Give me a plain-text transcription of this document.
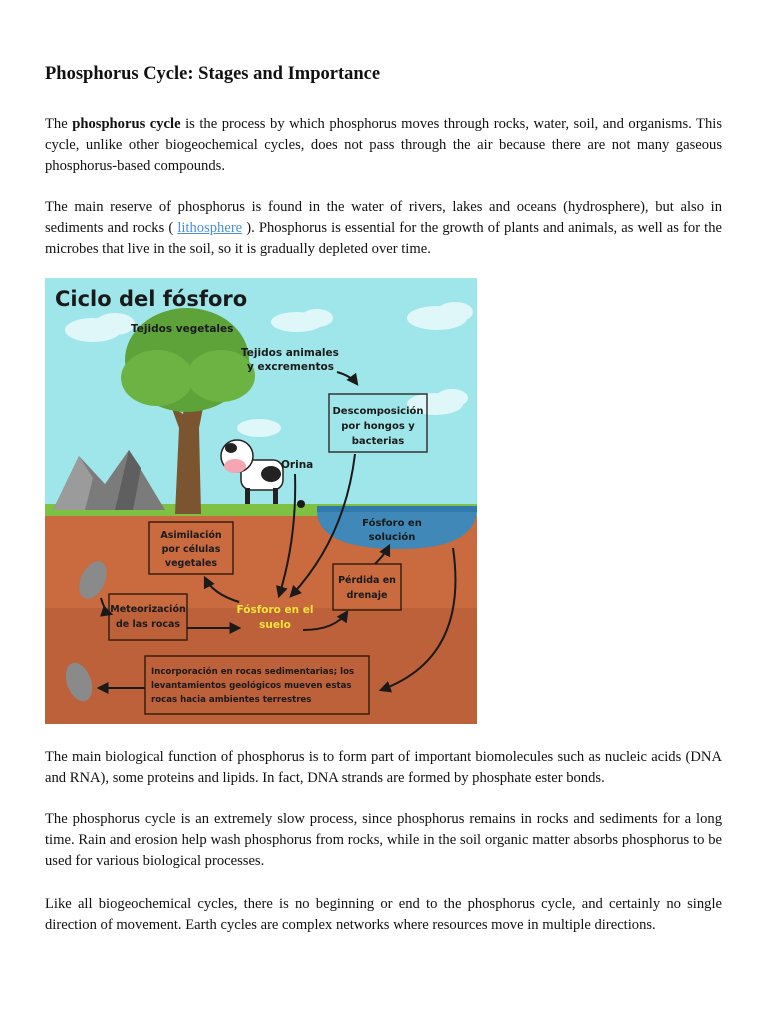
Phosphorus Cycle: Stages and Importance

The phosphorus cycle is the process by which phosphorus moves through rocks, water, soil, and organisms. This cycle, unlike other biogeochemical cycles, does not pass through the air because there are not many gaseous phosphorus-based compounds.

The main reserve of phosphorus is found in the water of rivers, lakes and oceans (hydrosphere), but also in sediments and rocks ( lithosphere ). Phosphorus is essential for the growth of plants and animals, as well as for the microbes that live in the soil, so it is gradually depleted over time.

Ciclo del fósforo
Tejidos vegetales
Tejidos animales
y excrementos
Descomposición
por hongos y
bacterias
Orina
Fósforo en
solución
Asimilación
por células
vegetales
Pérdida en
drenaje
Meteorización
de las rocas
Fósforo en el
suelo
Incorporación en rocas sedimentarias; los
levantamientos geológicos mueven estas
rocas hacia ambientes terrestres

The main biological function of phosphorus is to form part of important biomolecules such as nucleic acids (DNA and RNA), some proteins and lipids. In fact, DNA strands are formed by phosphate ester bonds.

The phosphorus cycle is an extremely slow process, since phosphorus remains in rocks and sediments for a long time. Rain and erosion help wash phosphorus from rocks, while in the soil organic matter absorbs phosphorus to be used for various biological processes.

Like all biogeochemical cycles, there is no beginning or end to the phosphorus cycle, and certainly no single direction of movement. Earth cycles are complex networks where resources move in multiple directions.
